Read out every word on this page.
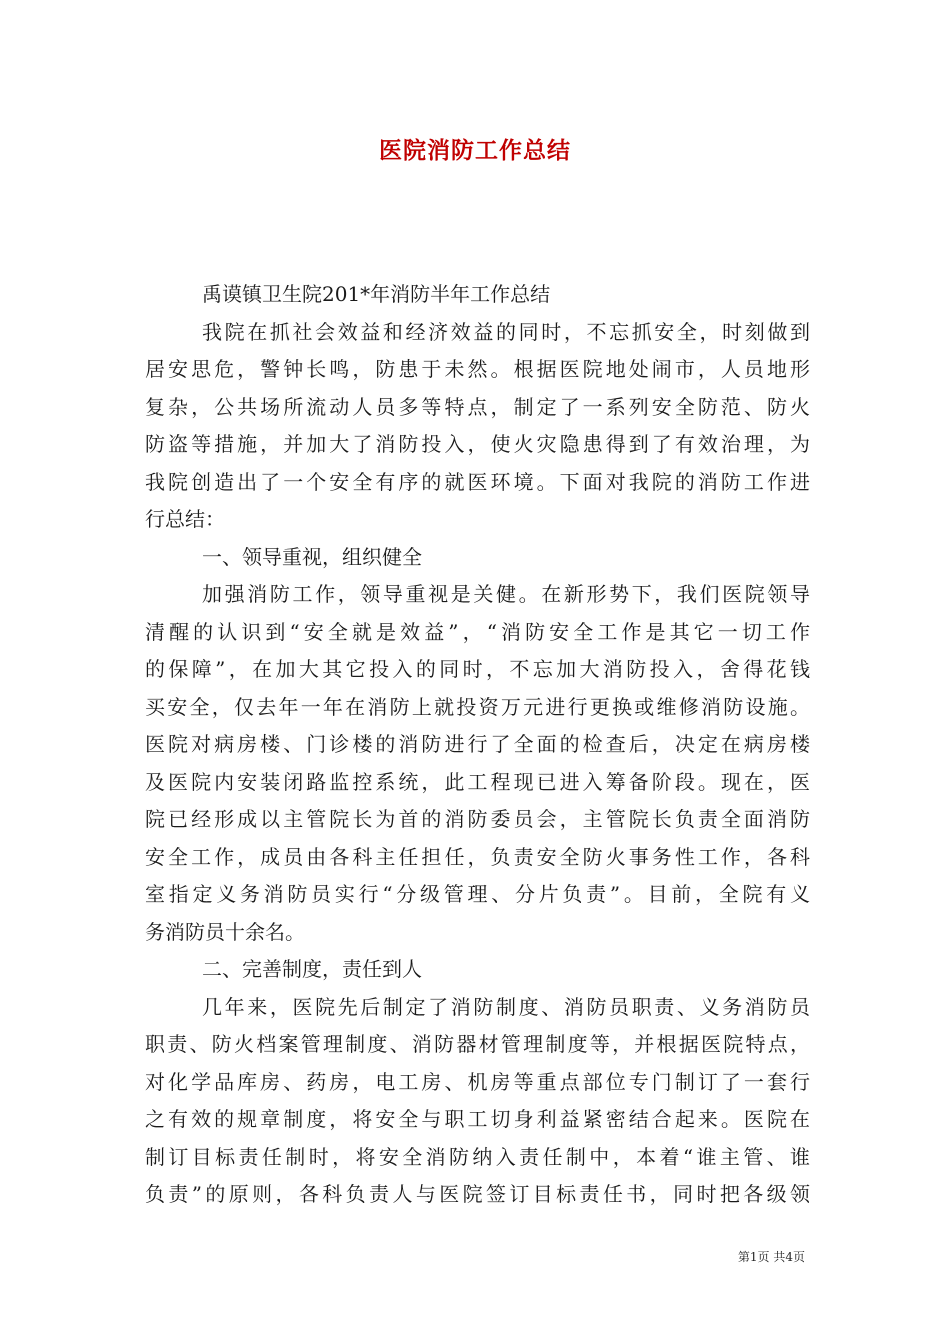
医院消防工作总结
禹谟镇卫生院201*年消防半年工作总结
我院在抓社会效益和经济效益的同时，不忘抓安全，时刻做到
居安思危，警钟长鸣，防患于未然。根据医院地处闹市，人员地形
复杂，公共场所流动人员多等特点，制定了一系列安全防范、防火
防盗等措施，并加大了消防投入，使火灾隐患得到了有效治理，为
我院创造出了一个安全有序的就医环境。下面对我院的消防工作进
行总结：
一、领导重视，组织健全
加强消防工作，领导重视是关健。在新形势下，我们医院领导
清醒的认识到“安全就是效益”，“消防安全工作是其它一切工作
的保障”，在加大其它投入的同时，不忘加大消防投入，舍得花钱
买安全，仅去年一年在消防上就投资万元进行更换或维修消防设施。
医院对病房楼、门诊楼的消防进行了全面的检查后，决定在病房楼
及医院内安装闭路监控系统，此工程现已进入筹备阶段。现在，医
院已经形成以主管院长为首的消防委员会，主管院长负责全面消防
安全工作，成员由各科主任担任，负责安全防火事务性工作，各科
室指定义务消防员实行“分级管理、分片负责”。目前，全院有义
务消防员十余名。
二、完善制度，责任到人
几年来，医院先后制定了消防制度、消防员职责、义务消防员
职责、防火档案管理制度、消防器材管理制度等，并根据医院特点，
对化学品库房、药房，电工房、机房等重点部位专门制订了一套行
之有效的规章制度，将安全与职工切身利益紧密结合起来。医院在
制订目标责任制时，将安全消防纳入责任制中，本着“谁主管、谁
负责”的原则，各科负责人与医院签订目标责任书，同时把各级领
第1页 共4页
